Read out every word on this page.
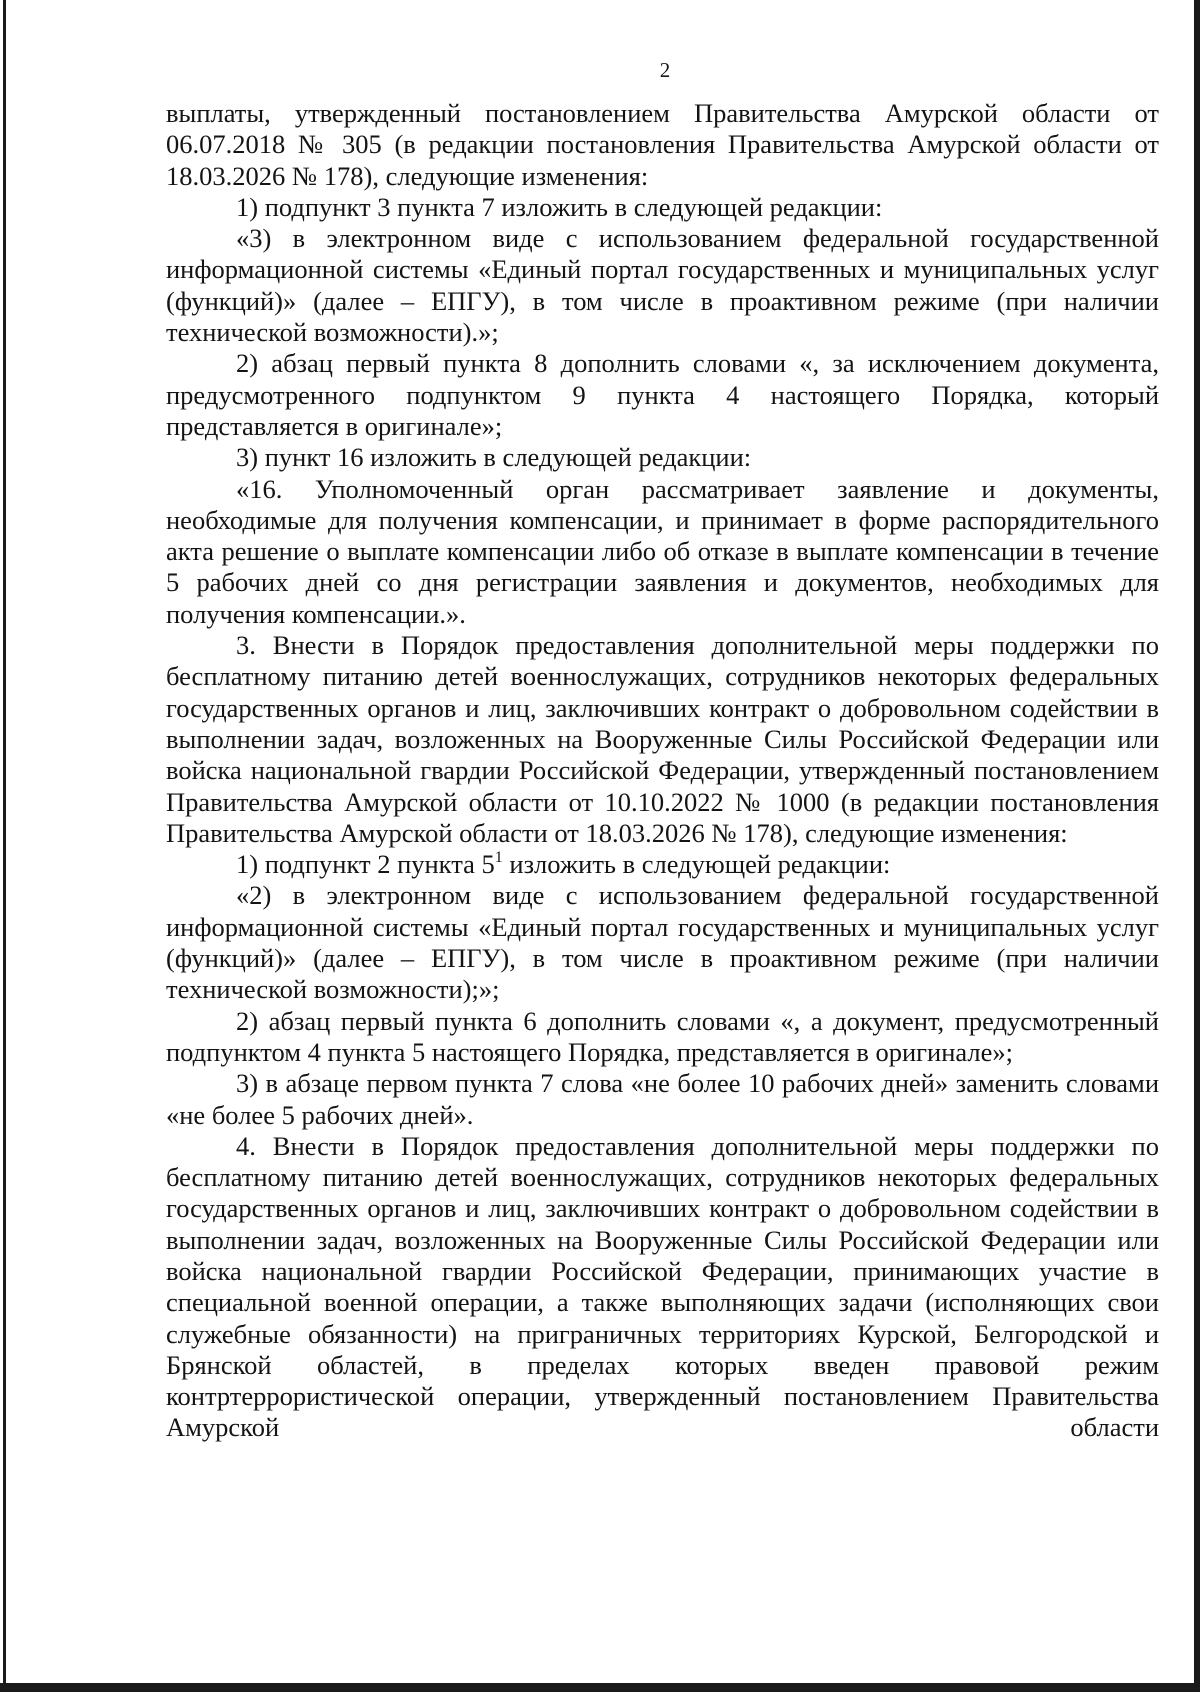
2

выплаты, утвержденный постановлением Правительства Амурской области от 06.07.2018 № 305 (в редакции постановления Правительства Амурской области от 18.03.2026 № 178), следующие изменения:

1) подпункт 3 пункта 7 изложить в следующей редакции:

«3) в электронном виде с использованием федеральной государственной информационной системы «Единый портал государственных и муниципальных услуг (функций)» (далее – ЕПГУ), в том числе в проактивном режиме (при наличии технической возможности).»;

2) абзац первый пункта 8 дополнить словами «, за исключением документа, предусмотренного подпунктом 9 пункта 4 настоящего Порядка, который представляется в оригинале»;

3) пункт 16 изложить в следующей редакции:

«16. Уполномоченный орган рассматривает заявление и документы, необходимые для получения компенсации, и принимает в форме распорядительного акта решение о выплате компенсации либо об отказе в выплате компенсации в течение 5 рабочих дней со дня регистрации заявления и документов, необходимых для получения компенсации.».

3. Внести в Порядок предоставления дополнительной меры поддержки по бесплатному питанию детей военнослужащих, сотрудников некоторых федеральных государственных органов и лиц, заключивших контракт о добровольном содействии в выполнении задач, возложенных на Вооруженные Силы Российской Федерации или войска национальной гвардии Российской Федерации, утвержденный постановлением Правительства Амурской области от 10.10.2022 № 1000 (в редакции постановления Правительства Амурской области от 18.03.2026 № 178), следующие изменения:

1) подпункт 2 пункта $5^1$ изложить в следующей редакции:

«2) в электронном виде с использованием федеральной государственной информационной системы «Единый портал государственных и муниципальных услуг (функций)» (далее – ЕПГУ), в том числе в проактивном режиме (при наличии технической возможности);»;

2) абзац первый пункта 6 дополнить словами «, а документ, предусмотренный подпунктом 4 пункта 5 настоящего Порядка, представляется в оригинале»;

3) в абзаце первом пункта 7 слова «не более 10 рабочих дней» заменить словами «не более 5 рабочих дней».

4. Внести в Порядок предоставления дополнительной меры поддержки по бесплатному питанию детей военнослужащих, сотрудников некоторых федеральных государственных органов и лиц, заключивших контракт о добровольном содействии в выполнении задач, возложенных на Вооруженные Силы Российской Федерации или войска национальной гвардии Российской Федерации, принимающих участие в специальной военной операции, а также выполняющих задачи (исполняющих свои служебные обязанности) на приграничных территориях Курской, Белгородской и Брянской областей, в пределах которых введен правовой режим контртеррористической операции, утвержденный постановлением Правительства Амурской области
